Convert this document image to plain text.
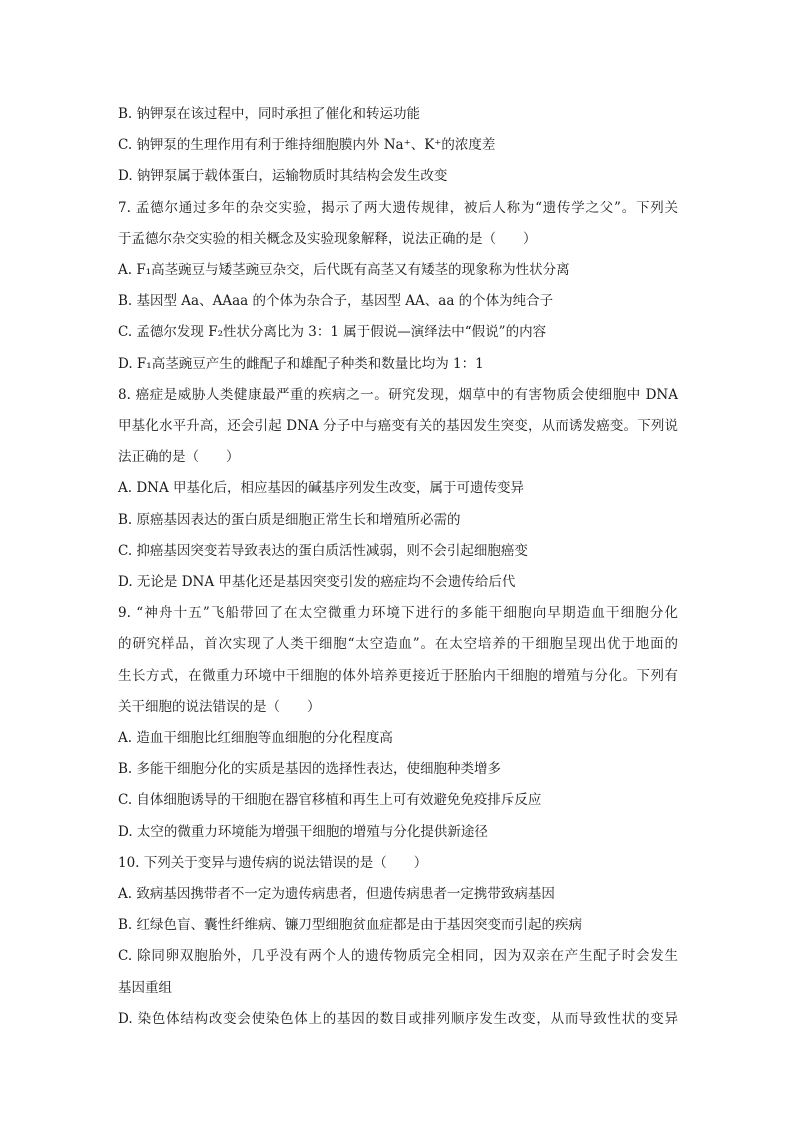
B. 钠钾泵在该过程中，同时承担了催化和转运功能
C. 钠钾泵的生理作用有利于维持细胞膜内外 Na⁺、K⁺的浓度差
D. 钠钾泵属于载体蛋白，运输物质时其结构会发生改变
7. 孟德尔通过多年的杂交实验，揭示了两大遗传规律，被后人称为“遗传学之父”。下列关
于孟德尔杂交实验的相关概念及实验现象解释，说法正确的是（　　）
A. F₁高茎豌豆与矮茎豌豆杂交，后代既有高茎又有矮茎的现象称为性状分离
B. 基因型 Aa、AAaa 的个体为杂合子，基因型 AA、aa 的个体为纯合子
C. 孟德尔发现 F₂性状分离比为 3：1 属于假说—演绎法中“假说”的内容
D. F₁高茎豌豆产生的雌配子和雄配子种类和数量比均为 1：1
8. 癌症是威胁人类健康最严重的疾病之一。研究发现，烟草中的有害物质会使细胞中 DNA
甲基化水平升高，还会引起 DNA 分子中与癌变有关的基因发生突变，从而诱发癌变。下列说
法正确的是（　　）
A. DNA 甲基化后，相应基因的碱基序列发生改变，属于可遗传变异
B. 原癌基因表达的蛋白质是细胞正常生长和增殖所必需的
C. 抑癌基因突变若导致表达的蛋白质活性减弱，则不会引起细胞癌变
D. 无论是 DNA 甲基化还是基因突变引发的癌症均不会遗传给后代
9. “神舟十五”飞船带回了在太空微重力环境下进行的多能干细胞向早期造血干细胞分化
的研究样品，首次实现了人类干细胞“太空造血”。在太空培养的干细胞呈现出优于地面的
生长方式，在微重力环境中干细胞的体外培养更接近于胚胎内干细胞的增殖与分化。下列有
关干细胞的说法错误的是（　　）
A. 造血干细胞比红细胞等血细胞的分化程度高
B. 多能干细胞分化的实质是基因的选择性表达，使细胞种类增多
C. 自体细胞诱导的干细胞在器官移植和再生上可有效避免免疫排斥反应
D. 太空的微重力环境能为增强干细胞的增殖与分化提供新途径
10. 下列关于变异与遗传病的说法错误的是（　　）
A. 致病基因携带者不一定为遗传病患者，但遗传病患者一定携带致病基因
B. 红绿色盲、囊性纤维病、镰刀型细胞贫血症都是由于基因突变而引起的疾病
C. 除同卵双胞胎外，几乎没有两个人的遗传物质完全相同，因为双亲在产生配子时会发生
基因重组
D. 染色体结构改变会使染色体上的基因的数目或排列顺序发生改变，从而导致性状的变异
